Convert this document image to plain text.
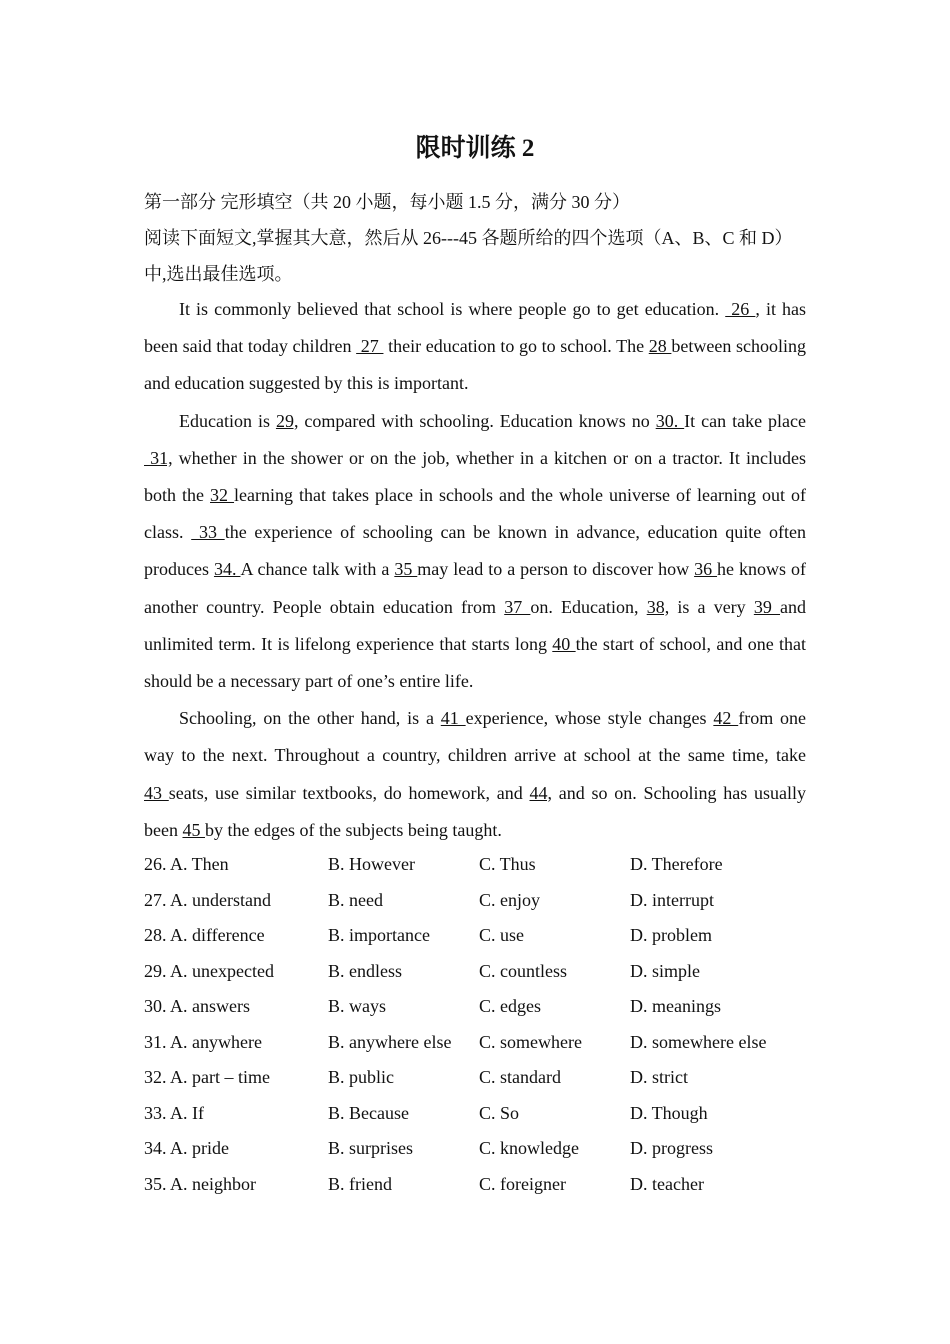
限时训练 2

第一部分 完形填空（共 20 小题，每小题 1.5 分，满分 30 分）

阅读下面短文,掌握其大意，然后从 26---45 各题所给的四个选项（A、B、C 和 D）中,选出最佳选项。

It is commonly believed that school is where people go to get education.  26 , it has been said that today children  27  their education to go to school. The 28 between schooling and education suggested by this is important.

Education is 29, compared with schooling. Education knows no 30. It can take place  31, whether in the shower or on the job, whether in a kitchen or on a tractor. It includes both the 32 learning that takes place in schools and the whole universe of learning out of class.  33 the experience of schooling can be known in advance, education quite often produces 34. A chance talk with a 35 may lead to a person to discover how 36 he knows of another country. People obtain education from 37 on. Education, 38, is a very 39 and unlimited term. It is lifelong experience that starts long 40 the start of school, and one that should be a necessary part of one’s entire life.

Schooling, on the other hand, is a 41 experience, whose style changes 42 from one way to the next. Throughout a country, children arrive at school at the same time, take 43 seats, use similar textbooks, do homework, and 44, and so on. Schooling has usually been 45 by the edges of the subjects being taught.

26. A. Then	B. However	C. Thus	D. Therefore
27. A. understand	B. need	C. enjoy	D. interrupt
28. A. difference	B. importance	C. use	D. problem
29. A. unexpected	B. endless	C. countless	D. simple
30. A. answers	B. ways	C. edges	D. meanings
31. A. anywhere	B. anywhere else C. somewhere	D. somewhere else
32. A. part – time	B. public	C. standard	D. strict
33. A. If	B. Because	C. So	D. Though
34. A. pride	B. surprises	C. knowledge	D. progress
35. A. neighbor	B. friend	C. foreigner	D. teacher
